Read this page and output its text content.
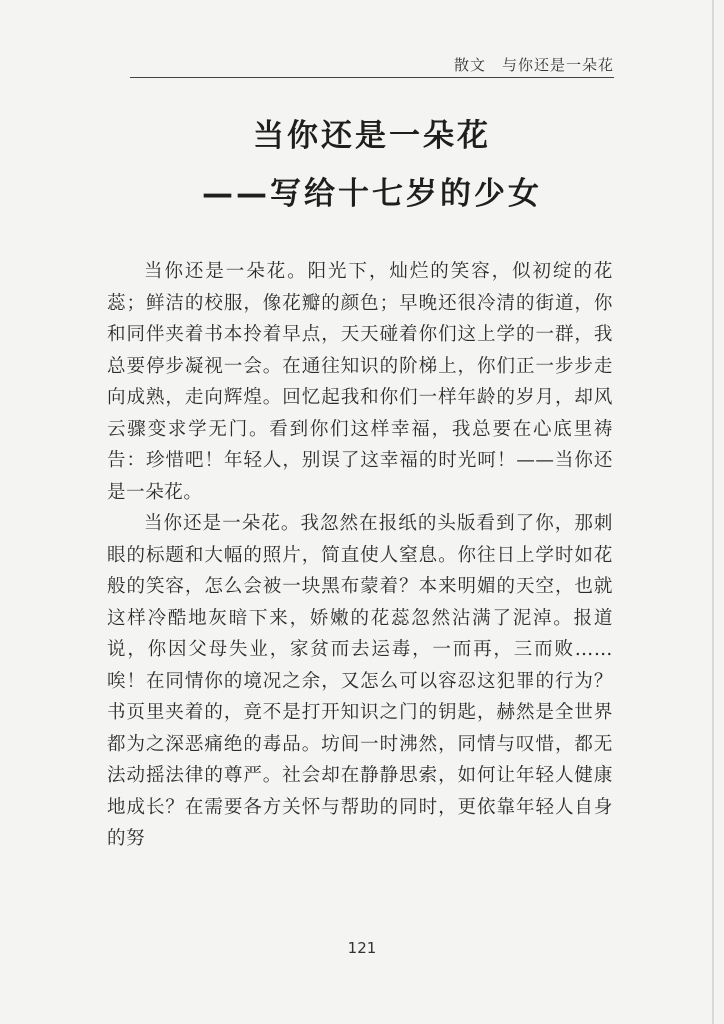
散文 与你还是一朵花
当你还是一朵花
——写给十七岁的少女

当你还是一朵花。阳光下，灿烂的笑容，似初绽的花蕊；鲜洁的校服，像花瓣的颜色；早晚还很冷清的街道，你和同伴夹着书本拎着早点，天天碰着你们这上学的一群，我总要停步凝视一会。在通往知识的阶梯上，你们正一步步走向成熟，走向辉煌。回忆起我和你们一样年龄的岁月，却风云骤变求学无门。看到你们这样幸福，我总要在心底里祷告：珍惜吧！年轻人，别误了这幸福的时光呵！——当你还是一朵花。

当你还是一朵花。我忽然在报纸的头版看到了你，那刺眼的标题和大幅的照片，简直使人窒息。你往日上学时如花般的笑容，怎么会被一块黑布蒙着？本来明媚的天空，也就这样冷酷地灰暗下来，娇嫩的花蕊忽然沾满了泥淖。报道说，你因父母失业，家贫而去运毒，一而再，三而败……唉！在同情你的境况之余，又怎么可以容忍这犯罪的行为？书页里夹着的，竟不是打开知识之门的钥匙，赫然是全世界都为之深恶痛绝的毒品。坊间一时沸然，同情与叹惜，都无法动摇法律的尊严。社会却在静静思索，如何让年轻人健康地成长？在需要各方关怀与帮助的同时，更依靠年轻人自身的努

121
